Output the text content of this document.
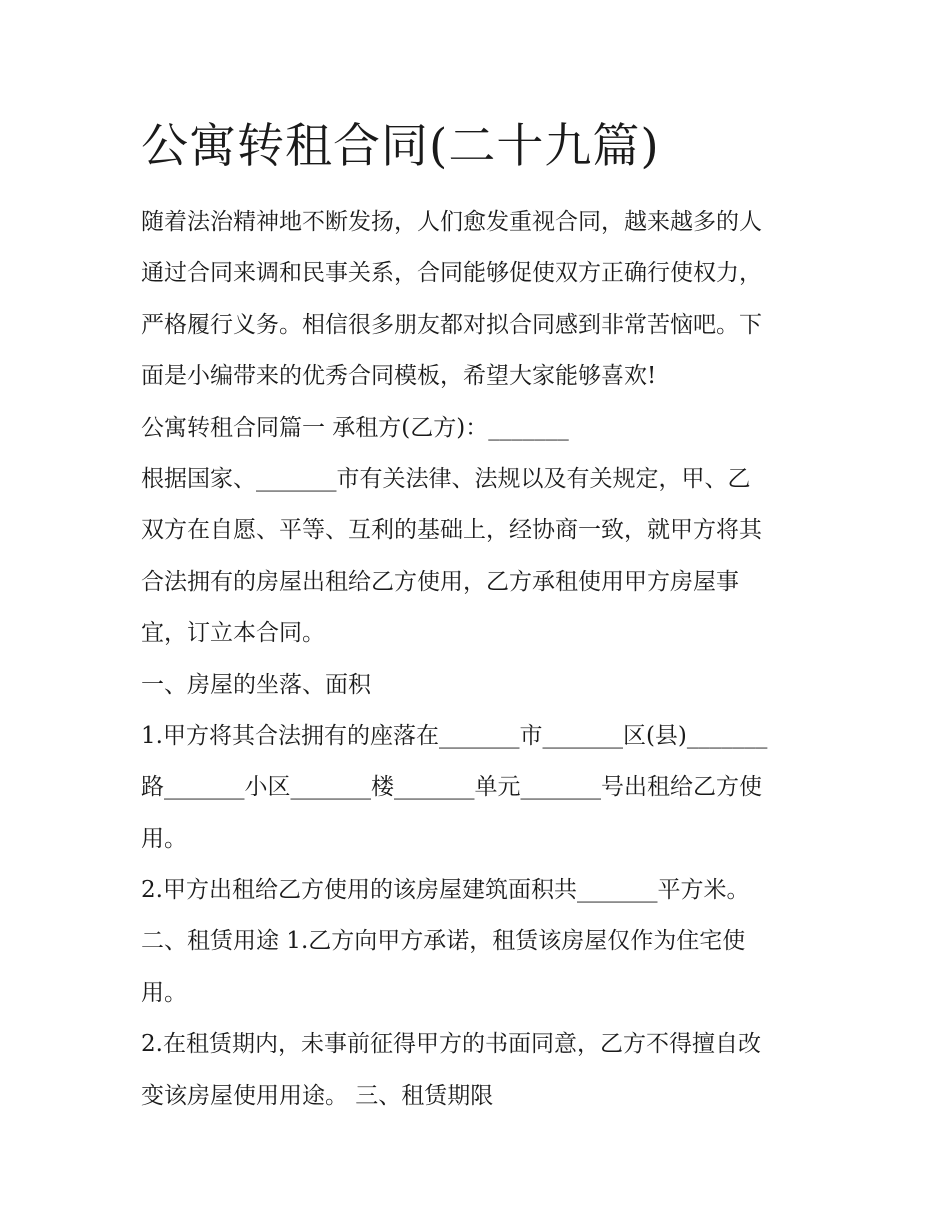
公寓转租合同(二十九篇)

随着法治精神地不断发扬，人们愈发重视合同，越来越多的人

通过合同来调和民事关系，合同能够促使双方正确行使权力，

严格履行义务。相信很多朋友都对拟合同感到非常苦恼吧。下

面是小编带来的优秀合同模板，希望大家能够喜欢!

公寓转租合同篇一 承租方(乙方)：_______

根据国家、_______市有关法律、法规以及有关规定，甲、乙

双方在自愿、平等、互利的基础上，经协商一致，就甲方将其

合法拥有的房屋出租给乙方使用，乙方承租使用甲方房屋事

宜，订立本合同。

一、房屋的坐落、面积

1.甲方将其合法拥有的座落在_______市_______区(县)_______

路_______小区_______楼_______单元_______号出租给乙方使

用。

2.甲方出租给乙方使用的该房屋建筑面积共_______平方米。

二、租赁用途 1.乙方向甲方承诺，租赁该房屋仅作为住宅使

用。

2.在租赁期内，未事前征得甲方的书面同意，乙方不得擅自改

变该房屋使用用途。 三、租赁期限
